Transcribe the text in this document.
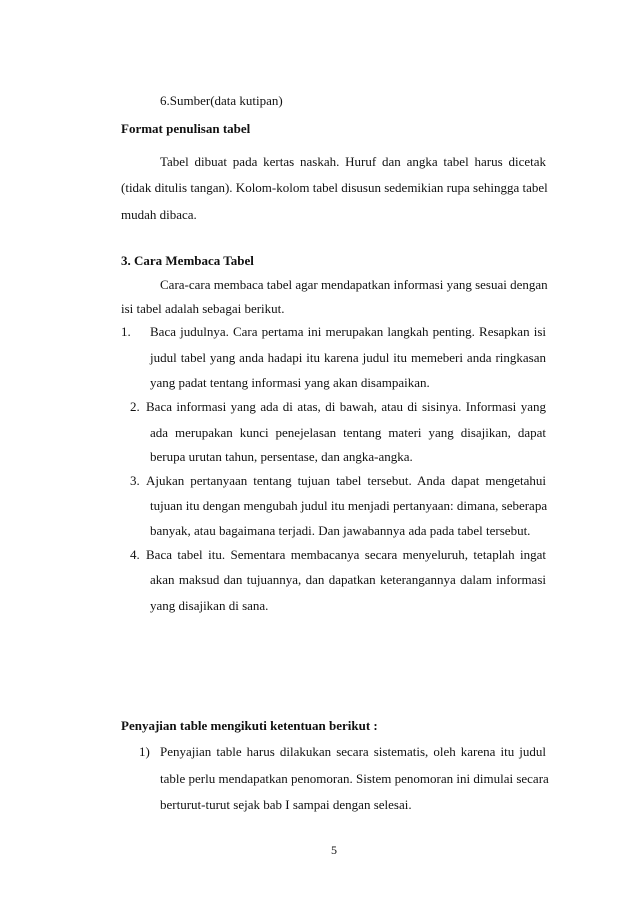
6.Sumber(data kutipan)
Format penulisan tabel
Tabel dibuat pada kertas naskah. Huruf dan angka tabel harus dicetak
(tidak ditulis tangan). Kolom-kolom tabel disusun sedemikian rupa sehingga tabel
mudah dibaca.
3. Cara Membaca Tabel
Cara-cara membaca tabel agar mendapatkan informasi yang sesuai dengan
isi tabel adalah sebagai berikut.
1.	Baca judulnya. Cara pertama ini merupakan langkah penting. Resapkan isi
judul tabel yang anda hadapi itu karena judul itu memeberi anda ringkasan
yang padat tentang informasi yang akan disampaikan.
2. Baca informasi yang ada di atas, di bawah, atau di sisinya. Informasi yang
ada merupakan kunci penejelasan tentang materi yang disajikan, dapat
berupa urutan tahun, persentase, dan angka-angka.
3. Ajukan pertanyaan tentang tujuan tabel tersebut. Anda dapat mengetahui
tujuan itu dengan mengubah judul itu menjadi pertanyaan: dimana, seberapa
banyak, atau bagaimana terjadi. Dan jawabannya ada pada tabel tersebut.
4. Baca tabel itu. Sementara membacanya secara menyeluruh, tetaplah ingat
akan maksud dan tujuannya, dan dapatkan keterangannya dalam informasi
yang disajikan di sana.
Penyajian table mengikuti ketentuan berikut :
1) Penyajian table harus dilakukan secara sistematis, oleh karena itu judul
table perlu mendapatkan penomoran. Sistem penomoran ini dimulai secara
berturut-turut sejak bab I sampai dengan selesai.
5
